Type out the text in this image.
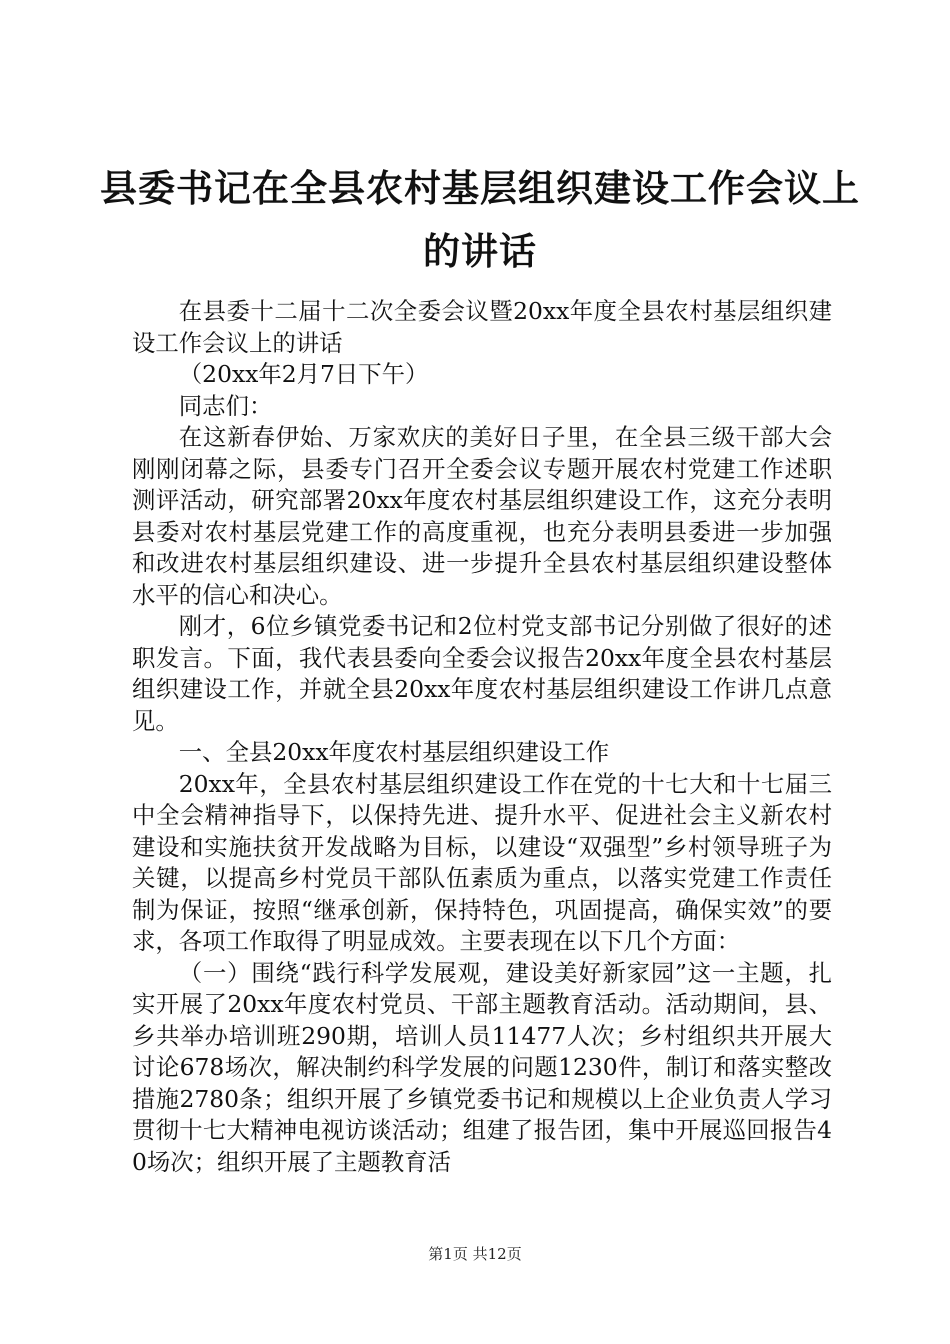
县委书记在全县农村基层组织建设工作会议上
的讲话

在县委十二届十二次全委会议暨20xx年度全县农村基层组织建设工作会议上的讲话

（20xx年2月7日下午）

同志们：

在这新春伊始、万家欢庆的美好日子里，在全县三级干部大会刚刚闭幕之际，县委专门召开全委会议专题开展农村党建工作述职测评活动，研究部署20xx年度农村基层组织建设工作，这充分表明县委对农村基层党建工作的高度重视，也充分表明县委进一步加强和改进农村基层组织建设、进一步提升全县农村基层组织建设整体水平的信心和决心。

刚才，6位乡镇党委书记和2位村党支部书记分别做了很好的述职发言。下面，我代表县委向全委会议报告20xx年度全县农村基层组织建设工作，并就全县20xx年度农村基层组织建设工作讲几点意见。

一、全县20xx年度农村基层组织建设工作

20xx年，全县农村基层组织建设工作在党的十七大和十七届三中全会精神指导下，以保持先进、提升水平、促进社会主义新农村建设和实施扶贫开发战略为目标，以建设“双强型”乡村领导班子为关键，以提高乡村党员干部队伍素质为重点，以落实党建工作责任制为保证，按照“继承创新，保持特色，巩固提高，确保实效”的要求，各项工作取得了明显成效。主要表现在以下几个方面：

（一）围绕“践行科学发展观，建设美好新家园”这一主题，扎实开展了20xx年度农村党员、干部主题教育活动。活动期间，县、乡共举办培训班290期，培训人员11477人次；乡村组织共开展大讨论678场次，解决制约科学发展的问题1230件，制订和落实整改措施2780条；组织开展了乡镇党委书记和规模以上企业负责人学习贯彻十七大精神电视访谈活动；组建了报告团，集中开展巡回报告40场次；组织开展了主题教育活

第1页 共12页
